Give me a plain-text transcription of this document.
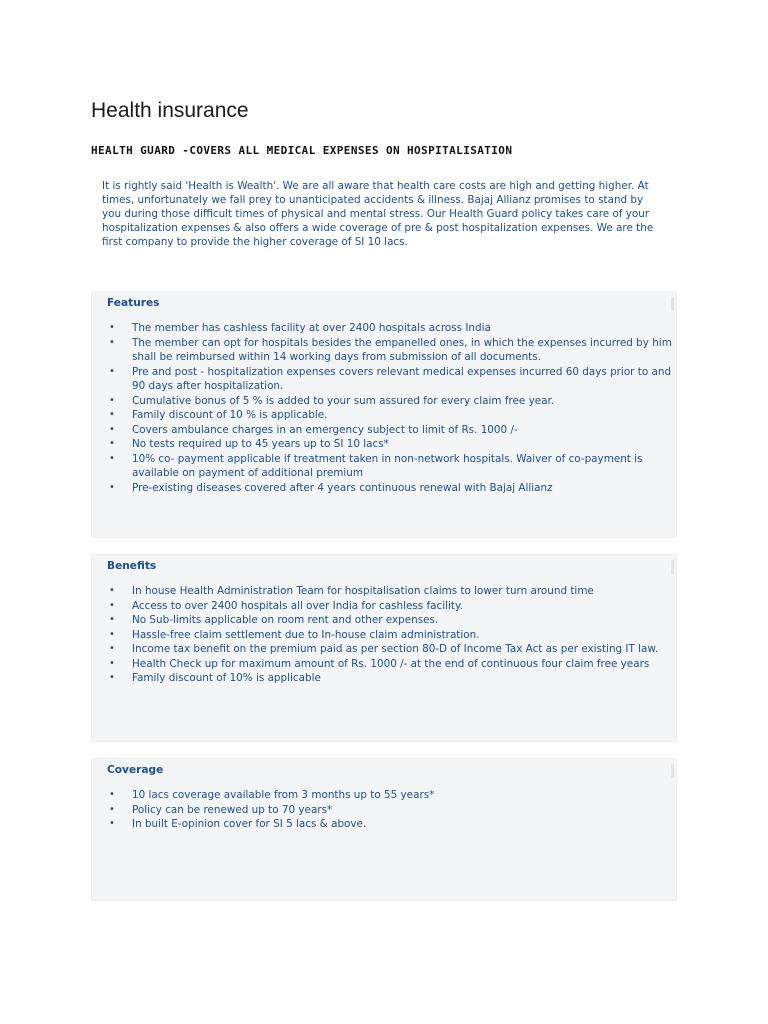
Health insurance
HEALTH GUARD -COVERS ALL MEDICAL EXPENSES ON HOSPITALISATION

It is rightly said 'Health is Wealth'. We are all aware that health care costs are high and getting higher. At times, unfortunately we fall prey to unanticipated accidents & illness. Bajaj Allianz promises to stand by you during those difficult times of physical and mental stress. Our Health Guard policy takes care of your hospitalization expenses & also offers a wide coverage of pre & post hospitalization expenses. We are the first company to provide the higher coverage of SI 10 lacs.

Features
• The member has cashless facility at over 2400 hospitals across India
• The member can opt for hospitals besides the empanelled ones, in which the expenses incurred by him shall be reimbursed within 14 working days from submission of all documents.
• Pre and post - hospitalization expenses covers relevant medical expenses incurred 60 days prior to and 90 days after hospitalization.
• Cumulative bonus of 5 % is added to your sum assured for every claim free year.
• Family discount of 10 % is applicable.
• Covers ambulance charges in an emergency subject to limit of Rs. 1000 /-
• No tests required up to 45 years up to SI 10 lacs*
• 10% co- payment applicable if treatment taken in non-network hospitals. Waiver of co-payment is available on payment of additional premium
• Pre-existing diseases covered after 4 years continuous renewal with Bajaj Allianz
Benefits
• In house Health Administration Team for hospitalisation claims to lower turn around time
• Access to over 2400 hospitals all over India for cashless facility.
• No Sub-limits applicable on room rent and other expenses.
• Hassle-free claim settlement due to In-house claim administration.
• Income tax benefit on the premium paid as per section 80-D of Income Tax Act as per existing IT law.
• Health Check up for maximum amount of Rs. 1000 /- at the end of continuous four claim free years
• Family discount of 10% is applicable
Coverage
• 10 lacs coverage available from 3 months up to 55 years*
• Policy can be renewed up to 70 years*
• In built E-opinion cover for SI 5 lacs & above.
